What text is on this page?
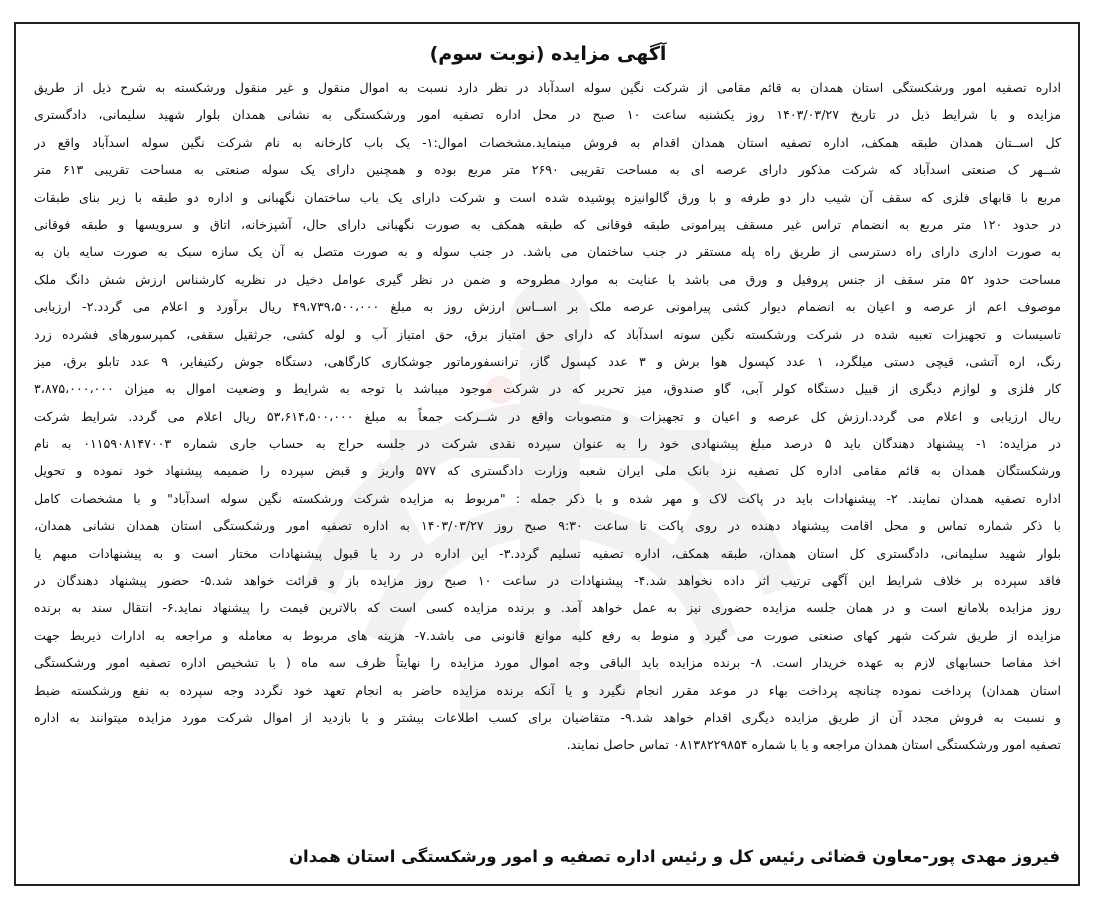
آگهی مزایده (نوبت سوم)
اداره تصفیه امور ورشکستگی استان همدان به قائم مقامی از شرکت نگین سوله اسدآباد در نظر دارد نسبت به اموال منقول و غیر منقول ورشکسته به شرح ذیل از طریق
مزایده و با شرایط ذیل در تاریخ ۱۴۰۳/۰۳/۲۷ روز یکشنبه ساعت ۱۰ صبح در محل اداره تصفیه امور ورشکستگی به نشانی همدان بلوار شهید سلیمانی، دادگستری
کل اســتان همدان طبقه همکف، اداره تصفیه استان همدان اقدام به فروش مینماید.مشخصات اموال:۱- یک باب کارخانه به نام شرکت نگین سوله اسدآباد واقع در
شــهر ک صنعتی اسدآباد که شرکت مذکور دارای عرصه ای به مساحت تقریبی ۲۶۹۰ متر مربع بوده و همچنین دارای یک سوله صنعتی به مساحت تقریبی ۶۱۳ متر
مربع با قابهای فلزی که سقف آن شیب دار دو طرفه و با ورق گالوانیزه پوشیده شده است و شرکت دارای یک باب ساختمان نگهبانی و اداره دو طبقه با زیر بنای طبقات
در حدود ۱۲۰ متر مربع به انضمام تراس غیر مسقف پیرامونی طبقه فوقانی که طبقه همکف به صورت نگهبانی دارای حال، آشپزخانه، اتاق و سرویسها و طبقه فوقانی
به صورت اداری دارای راه دسترسی از طریق راه پله مستقر در جنب ساختمان می باشد. در جنب سوله و به صورت متصل به آن یک سازه سبک به صورت سایه بان به
مساحت حدود ۵۲ متر سقف از جنس پروفیل و ورق می باشد با عنایت به موارد مطروحه و ضمن در نظر گیری عوامل دخیل در نظریه کارشناس ارزش شش دانگ ملک
موصوف اعم از عرصه و اعیان به انضمام دیوار کشی پیرامونی عرصه ملک بر اســاس ارزش روز به مبلغ ۴۹،۷۳۹،۵۰۰،۰۰۰ ریال برآورد و اعلام می گردد.۲- ارزیابی
تاسیسات و تجهیزات تعبیه شده در شرکت ورشکسته نگین سونه اسدآباد که دارای حق امتیاز برق، حق امتیاز آب و لوله کشی، جرثقیل سقفی، کمپرسورهای فشرده زرد
رنگ، اره آتشی، قیچی دستی میلگرد، ۱ عدد کپسول هوا برش و ۳ عدد کپسول گاز، ترانسفورماتور جوشکاری کارگاهی، دستگاه جوش رکتیفایر، ۹ عدد تابلو برق، میز
کار فلزی و لوازم دیگری از قبیل دستگاه کولر آبی، گاو صندوق، میز تحریر که در شرکت موجود میباشد با توجه به شرایط و وضعیت اموال به میزان ۳،۸۷۵،۰۰۰،۰۰۰
ریال ارزیابی و اعلام می گردد.ارزش کل عرصه و اعیان و تجهیزات و منصوبات واقع در شــرکت جمعاً به مبلغ ۵۳،۶۱۴،۵۰۰،۰۰۰ ریال اعلام می گردد. شرایط شرکت
در مزایده: ۱- پیشنهاد دهندگان باید ۵ درصد مبلغ پیشنهادی خود را به عنوان سپرده نقدی شرکت در جلسه حراج به حساب جاری شماره ۰۱۱۵۹۰۸۱۴۷۰۰۳ به نام
ورشکستگان همدان به قائم مقامی اداره کل تصفیه نزد بانک ملی ایران شعبه وزارت دادگستری که ۵۷۷ واریز و قبض سپرده را ضمیمه پیشنهاد خود نموده و تحویل
اداره تصفیه همدان نمایند. ۲- پیشنهادات باید در پاکت لاک و مهر شده و با ذکر جمله : "مربوط به مزایده شرکت ورشکسته نگین سوله اسدآباد" و با مشخصات کامل
با ذکر شماره تماس و محل اقامت پیشنهاد دهنده در روی پاکت تا ساعت ۹:۳۰ صبح روز ۱۴۰۳/۰۳/۲۷ به اداره تصفیه امور ورشکستگی استان همدان نشانی همدان،
بلوار شهید سلیمانی، دادگستری کل استان همدان، طبقه همکف، اداره تصفیه تسلیم گردد.۳- این اداره در رد یا قبول پیشنهادات مختار است و به پیشنهادات مبهم یا
فاقد سپرده بر خلاف شرایط این آگهی ترتیب اثر داده نخواهد شد.۴- پیشنهادات در ساعت ۱۰ صبح روز مزایده باز و قرائت خواهد شد.۵- حضور پیشنهاد دهندگان در
روز مزایده بلامانع است و در همان جلسه مزایده حضوری نیز به عمل خواهد آمد. و برنده مزایده کسی است که بالاترین قیمت را پیشنهاد نماید.۶- انتقال سند به برنده
مزایده از طریق شرکت شهر کهای صنعتی صورت می گیرد و منوط به رفع کلیه موانع قانونی می باشد.۷- هزینه های مربوط به معامله و مراجعه به ادارات ذیربط جهت
اخذ مفاصا حسابهای لازم به عهده خریدار است. ۸- برنده مزایده باید الباقی وجه اموال مورد مزایده را نهایتاً ظرف سه ماه ( با تشخیص اداره تصفیه امور ورشکستگی
استان همدان) پرداخت نموده چنانچه پرداخت بهاء در موعد مقرر انجام نگیرد و یا آنکه برنده مزایده حاضر به انجام تعهد خود نگردد وجه سپرده به نفع ورشکسته ضبط
و نسبت به فروش مجدد آن از طریق مزایده دیگری اقدام خواهد شد.۹- متقاضیان برای کسب اطلاعات بیشتر و یا بازدید از اموال شرکت مورد مزایده میتوانند به اداره
تصفیه امور ورشکستگی استان همدان مراجعه و یا با شماره ۰۸۱۳۸۲۲۹۸۵۴ تماس حاصل نمایند.
فیروز مهدی پور-معاون قضائی رئیس کل و رئیس اداره تصفیه و امور ورشکستگی استان همدان
